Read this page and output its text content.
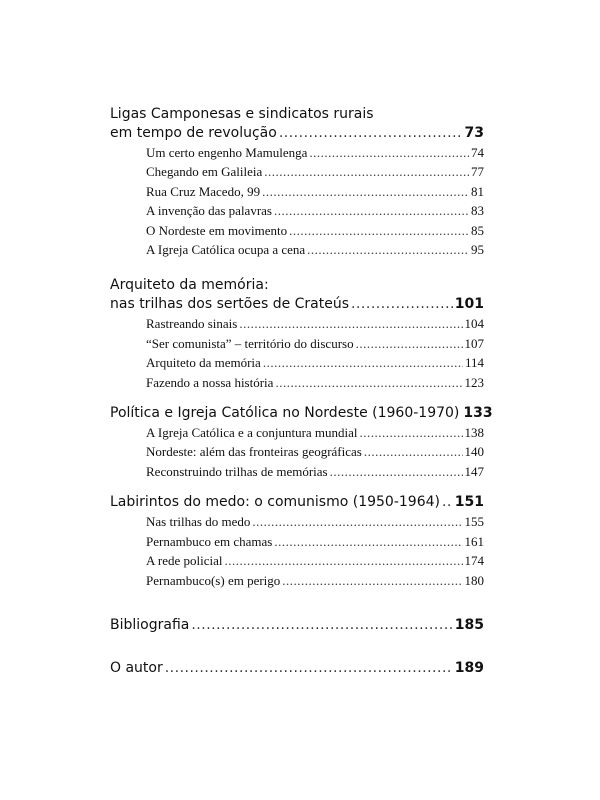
Ligas Camponesas e sindicatos rurais
em tempo de revolução .....	73
Um certo engenho Mamulenga .....	74
Chegando em Galileia .....	77
Rua Cruz Macedo, 99 .....	81
A invenção das palavras .....	83
O Nordeste em movimento .....	85
A Igreja Católica ocupa a cena .....	95
Arquiteto da memória:
nas trilhas dos sertões de Crateús .....	101
Rastreando sinais .....	104
“Ser comunista” – território do discurso .....	107
Arquiteto da memória .....	114
Fazendo a nossa história .....	123
Política e Igreja Católica no Nordeste (1960-1970) 133
A Igreja Católica e a conjuntura mundial .....	138
Nordeste: além das fronteiras geográficas .....	140
Reconstruindo trilhas de memórias .....	147
Labirintos do medo: o comunismo (1950-1964) ..... 151
Nas trilhas do medo .....	155
Pernambuco em chamas .....	161
A rede policial .....	174
Pernambuco(s) em perigo .....	180
Bibliografia .....	185
O autor .....	189
